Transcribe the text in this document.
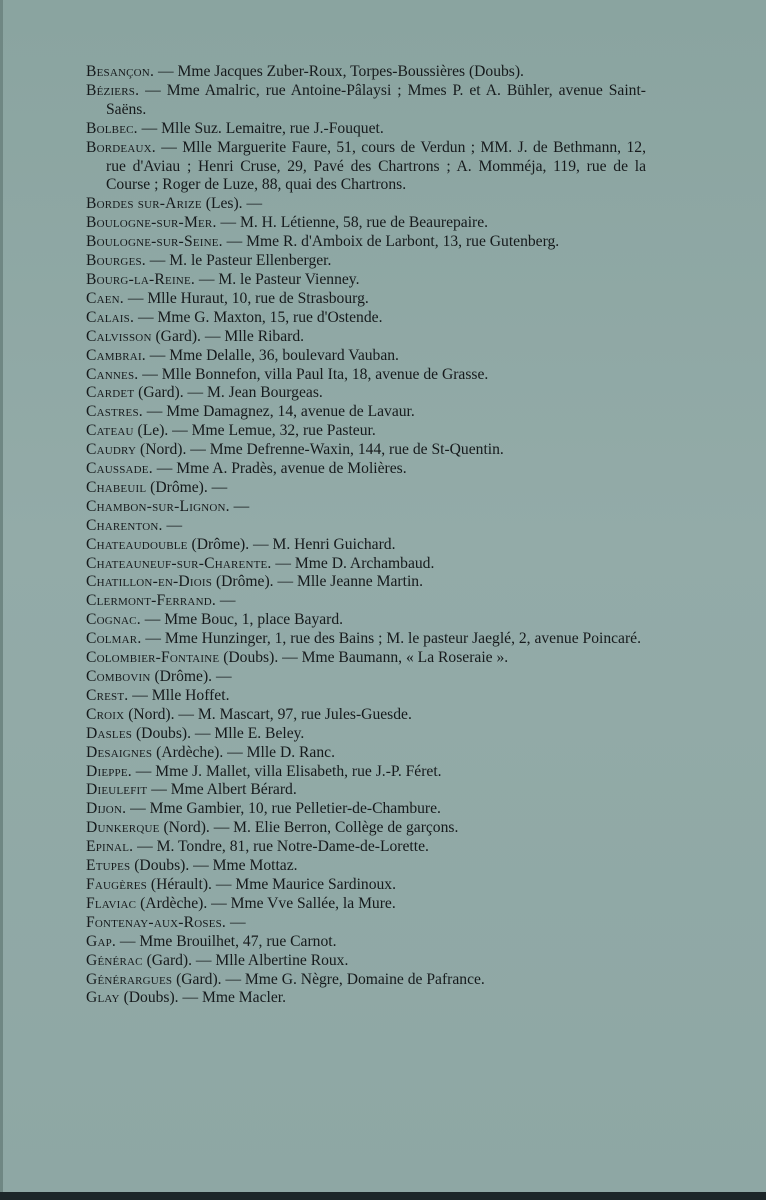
Besançon. — Mme Jacques Zuber-Roux, Torpes-Boussières (Doubs).

Béziers. — Mme Amalric, rue Antoine-Pâlaysi ; Mmes P. et A. Bühler, avenue Saint-Saëns.

Bolbec. — Mlle Suz. Lemaitre, rue J.-Fouquet.

Bordeaux. — Mlle Marguerite Faure, 51, cours de Verdun ; MM. J. de Bethmann, 12, rue d'Aviau ; Henri Cruse, 29, Pavé des Chartrons ; A. Momméja, 119, rue de la Course ; Roger de Luze, 88, quai des Chartrons.

Bordes sur-Arize (Les). —

Boulogne-sur-Mer. — M. H. Létienne, 58, rue de Beaurepaire.

Boulogne-sur-Seine. — Mme R. d'Amboix de Larbont, 13, rue Gutenberg.

Bourges. — M. le Pasteur Ellenberger.

Bourg-la-Reine. — M. le Pasteur Vienney.

Caen. — Mlle Huraut, 10, rue de Strasbourg.

Calais. — Mme G. Maxton, 15, rue d'Ostende.

Calvisson (Gard). — Mlle Ribard.

Cambrai. — Mme Delalle, 36, boulevard Vauban.

Cannes. — Mlle Bonnefon, villa Paul Ita, 18, avenue de Grasse.

Cardet (Gard). — M. Jean Bourgeas.

Castres. — Mme Damagnez, 14, avenue de Lavaur.

Cateau (Le). — Mme Lemue, 32, rue Pasteur.

Caudry (Nord). — Mme Defrenne-Waxin, 144, rue de St-Quentin.

Caussade. — Mme A. Pradès, avenue de Molières.

Chabeuil (Drôme). —

Chambon-sur-Lignon. —

Charenton. —

Chateaudouble (Drôme). — M. Henri Guichard.

Chateauneuf-sur-Charente. — Mme D. Archambaud.

Chatillon-en-Diois (Drôme). — Mlle Jeanne Martin.

Clermont-Ferrand. —

Cognac. — Mme Bouc, 1, place Bayard.

Colmar. — Mme Hunzinger, 1, rue des Bains ; M. le pasteur Jaeglé, 2, avenue Poincaré.

Colombier-Fontaine (Doubs). — Mme Baumann, « La Roseraie ».

Combovin (Drôme). —

Crest. — Mlle Hoffet.

Croix (Nord). — M. Mascart, 97, rue Jules-Guesde.

Dasles (Doubs). — Mlle E. Beley.

Desaignes (Ardèche). — Mlle D. Ranc.

Dieppe. — Mme J. Mallet, villa Elisabeth, rue J.-P. Féret.

Dieulefit — Mme Albert Bérard.

Dijon. — Mme Gambier, 10, rue Pelletier-de-Chambure.

Dunkerque (Nord). — M. Elie Berron, Collège de garçons.

Epinal. — M. Tondre, 81, rue Notre-Dame-de-Lorette.

Etupes (Doubs). — Mme Mottaz.

Faugères (Hérault). — Mme Maurice Sardinoux.

Flaviac (Ardèche). — Mme Vve Sallée, la Mure.

Fontenay-aux-Roses. —

Gap. — Mme Brouilhet, 47, rue Carnot.

Générac (Gard). — Mlle Albertine Roux.

Générargues (Gard). — Mme G. Nègre, Domaine de Pafrance.

Glay (Doubs). — Mme Macler.
